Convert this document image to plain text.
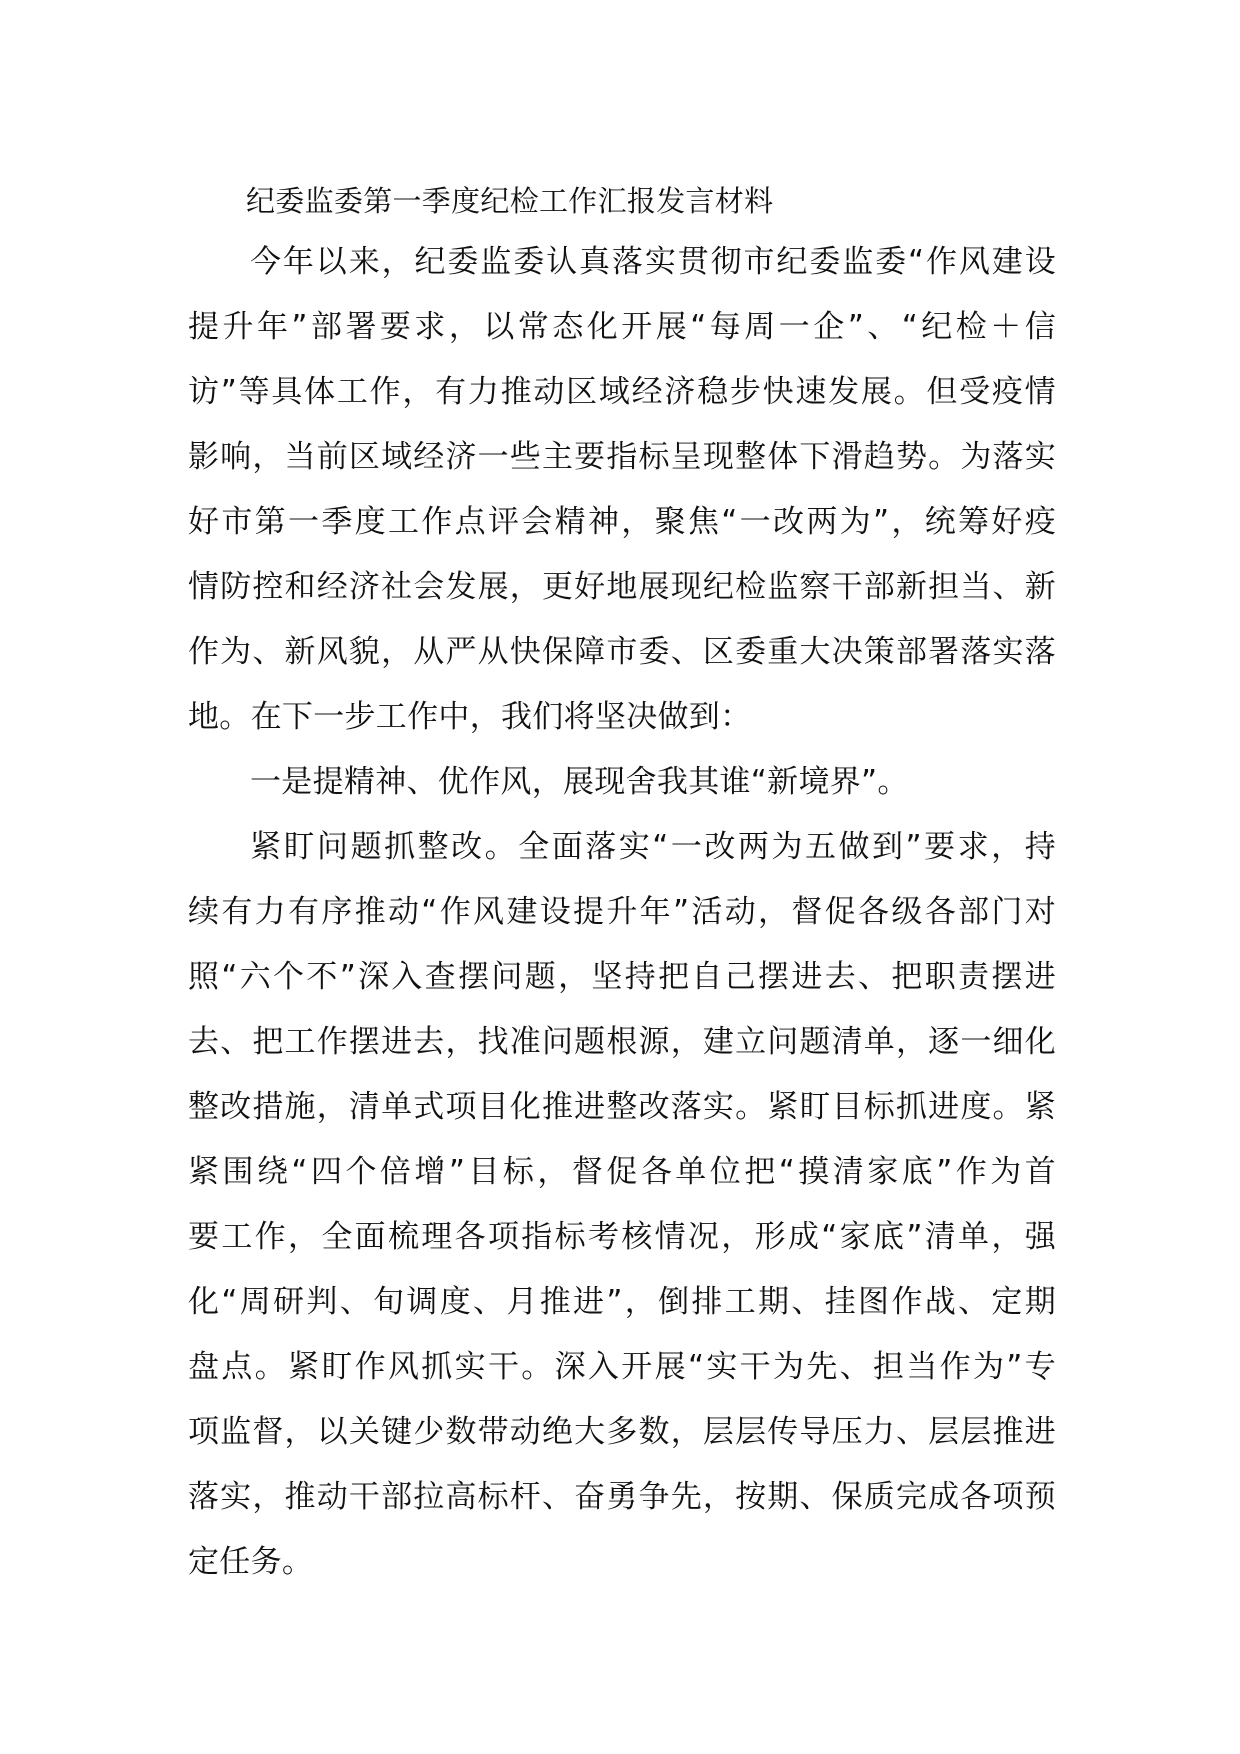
纪委监委第一季度纪检工作汇报发言材料
今年以来，纪委监委认真落实贯彻市纪委监委“作风建设
提升年”部署要求，以常态化开展“每周一企”、“纪检＋信
访”等具体工作，有力推动区域经济稳步快速发展。但受疫情
影响，当前区域经济一些主要指标呈现整体下滑趋势。为落实
好市第一季度工作点评会精神，聚焦“一改两为”，统筹好疫
情防控和经济社会发展，更好地展现纪检监察干部新担当、新
作为、新风貌，从严从快保障市委、区委重大决策部署落实落
地。在下一步工作中，我们将坚决做到：
一是提精神、优作风，展现舍我其谁“新境界”。
紧盯问题抓整改。全面落实“一改两为五做到”要求，持
续有力有序推动“作风建设提升年”活动，督促各级各部门对
照“六个不”深入查摆问题，坚持把自己摆进去、把职责摆进
去、把工作摆进去，找准问题根源，建立问题清单，逐一细化
整改措施，清单式项目化推进整改落实。紧盯目标抓进度。紧
紧围绕“四个倍增”目标，督促各单位把“摸清家底”作为首
要工作，全面梳理各项指标考核情况，形成“家底”清单，强
化“周研判、旬调度、月推进”，倒排工期、挂图作战、定期
盘点。紧盯作风抓实干。深入开展“实干为先、担当作为”专
项监督，以关键少数带动绝大多数，层层传导压力、层层推进
落实，推动干部拉高标杆、奋勇争先，按期、保质完成各项预
定任务。
